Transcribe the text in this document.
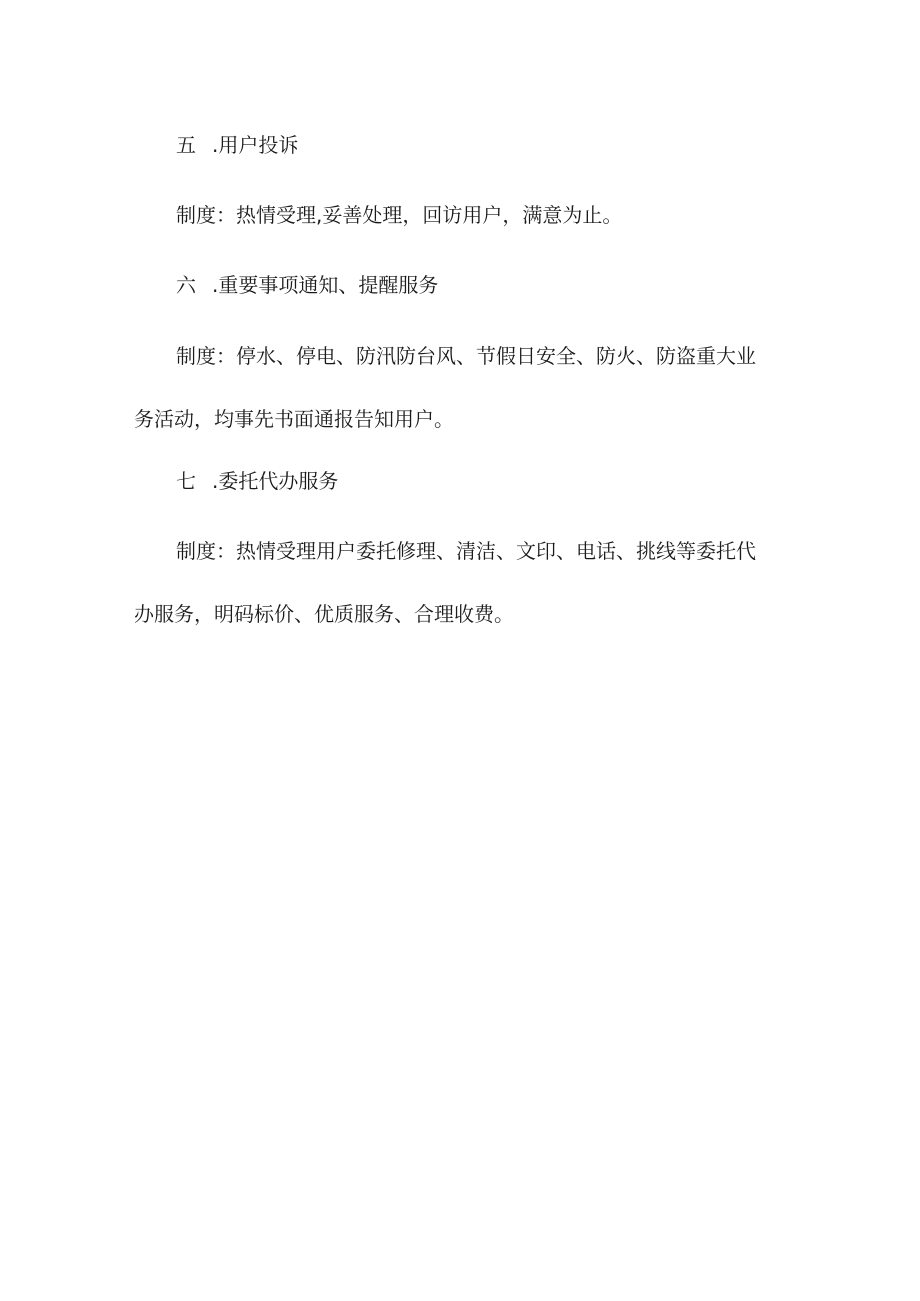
五 .用户投诉

制度：热情受理,妥善处理，回访用户，满意为止。

六 .重要事项通知、提醒服务

制度：停水、停电、防汛防台风、节假日安全、防火、防盗重大业务活动，均事先书面通报告知用户。

七 .委托代办服务

制度：热情受理用户委托修理、清洁、文印、电话、挑线等委托代办服务，明码标价、优质服务、合理收费。
